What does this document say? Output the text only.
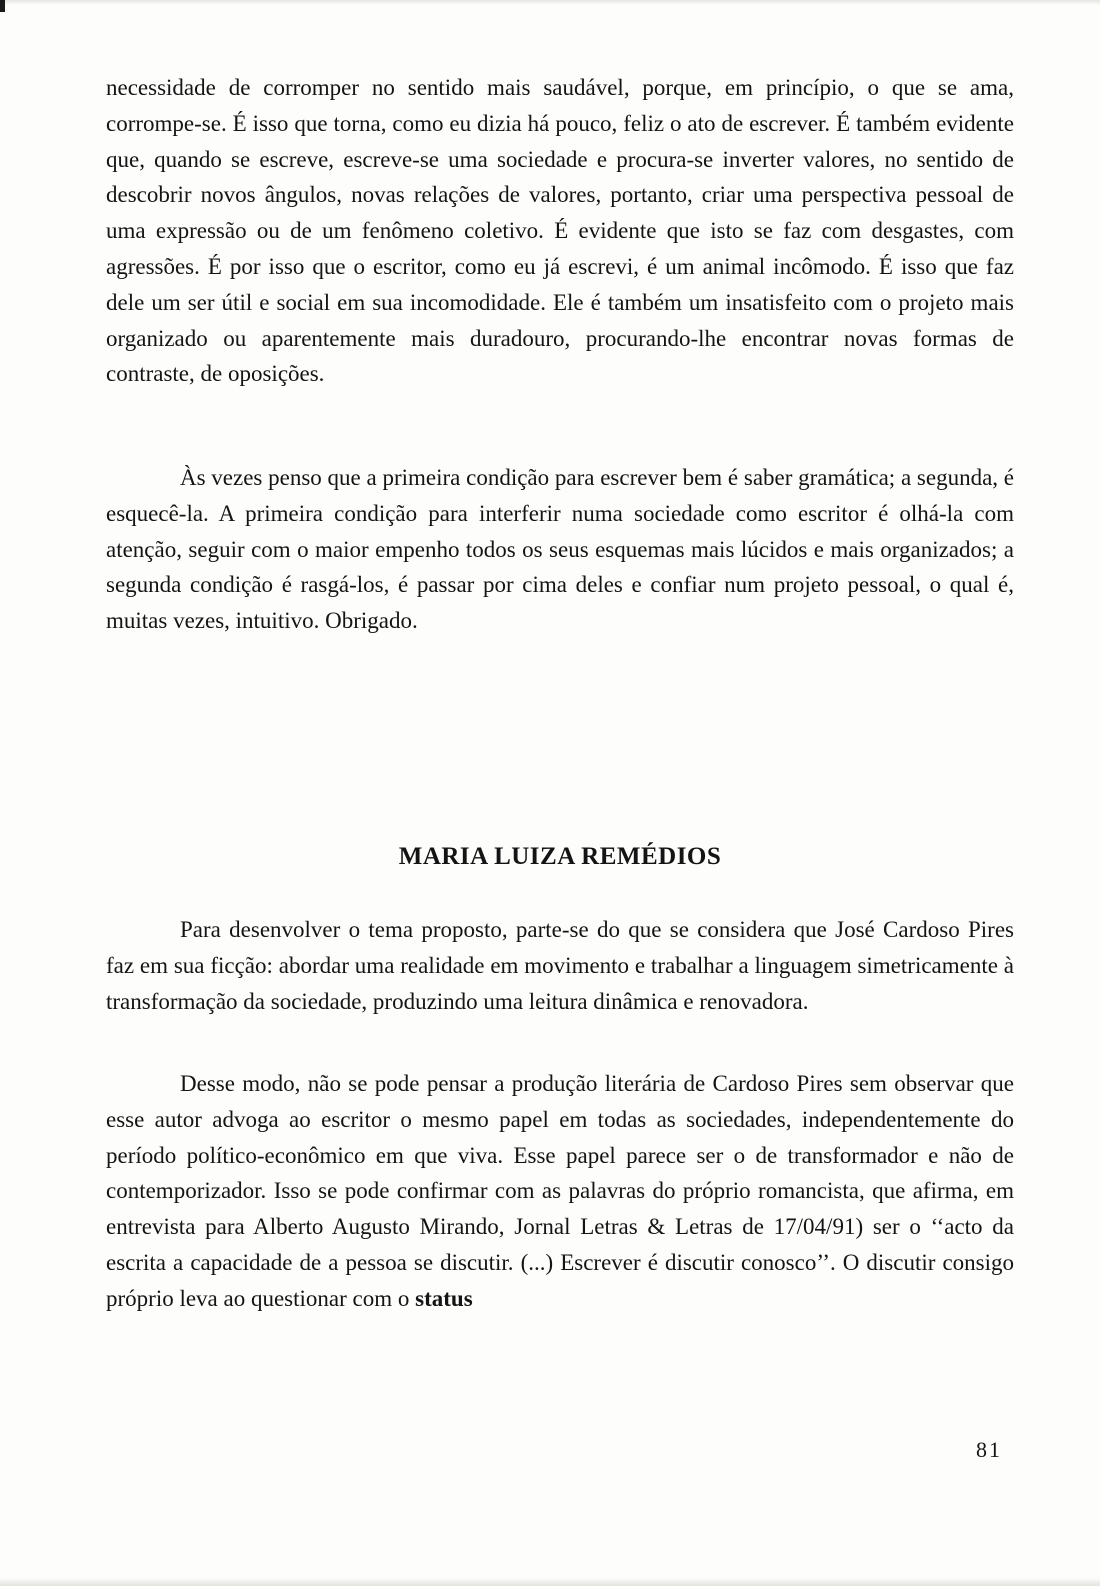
necessidade de corromper no sentido mais saudável, porque, em princípio, o que se ama, corrompe-se. É isso que torna, como eu dizia há pouco, feliz o ato de escrever. É também evidente que, quando se escreve, escreve-se uma sociedade e procura-se inverter valores, no sentido de descobrir novos ângulos, novas relações de valores, portanto, criar uma perspectiva pessoal de uma expressão ou de um fenômeno coletivo. É evidente que isto se faz com desgastes, com agressões. É por isso que o escritor, como eu já escrevi, é um animal incômodo. É isso que faz dele um ser útil e social em sua incomodidade. Ele é também um insatisfeito com o projeto mais organizado ou aparentemente mais duradouro, procurando-lhe encontrar novas formas de contraste, de oposições.

Às vezes penso que a primeira condição para escrever bem é saber gramática; a segunda, é esquecê-la. A primeira condição para interferir numa sociedade como escritor é olhá-la com atenção, seguir com o maior empenho todos os seus esquemas mais lúcidos e mais organizados; a segunda condição é rasgá-los, é passar por cima deles e confiar num projeto pessoal, o qual é, muitas vezes, intuitivo. Obrigado.

MARIA LUIZA REMÉDIOS

Para desenvolver o tema proposto, parte-se do que se considera que José Cardoso Pires faz em sua ficção: abordar uma realidade em movimento e trabalhar a linguagem simetricamente à transformação da sociedade, produzindo uma leitura dinâmica e renovadora.

Desse modo, não se pode pensar a produção literária de Cardoso Pires sem observar que esse autor advoga ao escritor o mesmo papel em todas as sociedades, independentemente do período político-econômico em que viva. Esse papel parece ser o de transformador e não de contemporizador. Isso se pode confirmar com as palavras do próprio romancista, que afirma, em entrevista para Alberto Augusto Mirando, Jornal Letras & Letras de 17/04/91) ser o ‘‘acto da escrita a capacidade de a pessoa se discutir. (...) Escrever é discutir conosco’’. O discutir consigo próprio leva ao questionar com o status

81
